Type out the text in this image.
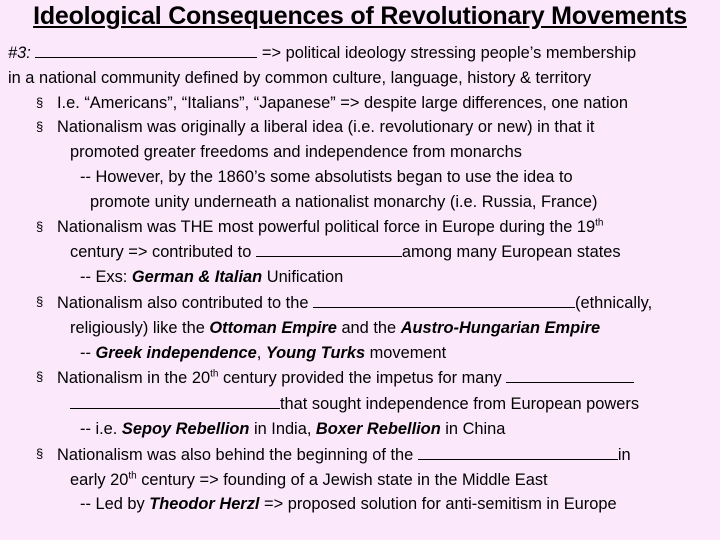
Ideological Consequences of Revolutionary Movements
#3:	=> political ideology stressing people’s membership
in a national community defined by common culture, language, history & territory
§ I.e. “Americans”, “Italians”, “Japanese” => despite large differences, one nation
§ Nationalism was originally a liberal idea (i.e. revolutionary or new) in that it
promoted greater freedoms and independence from monarchs
-- However, by the 1860’s some absolutists began to use the idea to
promote unity underneath a nationalist monarchy (i.e. Russia, France)
§ Nationalism was THE most powerful political force in Europe during the 19th
century => contributed to	among many European states
-- Exs: German & Italian Unification
§ Nationalism also contributed to the	(ethnically,
religiously) like the Ottoman Empire and the Austro-Hungarian Empire
-- Greek independence, Young Turks movement
§ Nationalism in the 20th century provided the impetus for many
that sought independence from European powers
-- i.e. Sepoy Rebellion in India, Boxer Rebellion in China
§ Nationalism was also behind the beginning of the	in
early 20th century => founding of a Jewish state in the Middle East
-- Led by Theodor Herzl => proposed solution for anti-semitism in Europe
